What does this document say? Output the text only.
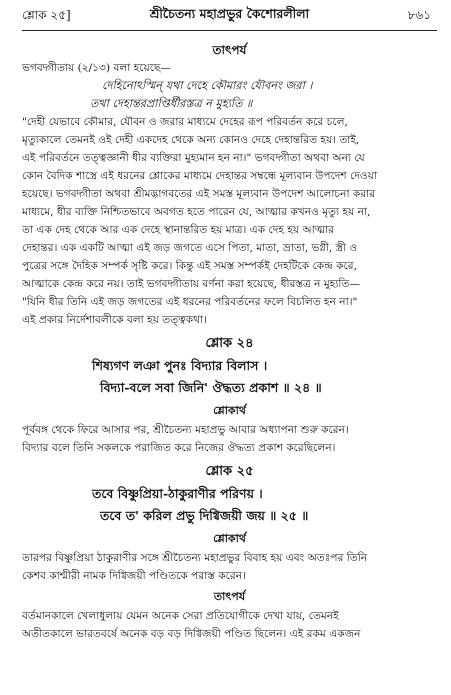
শ্লোক ২৫]	শ্রীচৈতন্য মহাপ্রভুর কৈশোরলীলা	৮৬১
তাৎপর্য

ভগবদ্গীতায় (২/১৩) বলা হয়েছে—

দেহিনোঽস্মিন্‌ যথা দেহে কৌমারং যৌবনং জরা ।

তথা দেহান্তরপ্রাপ্তির্ধীরস্তত্র ন মুহ্যতি ॥

"দেহী যেভাবে কৌমার, যৌবন ও জরার মাধ্যমে দেহের রূপ পরিবর্তন করে চলে,

মৃত্যুকালে তেমনই ওই দেহী একদেহ থেকে অন্য কোনও দেহে দেহান্তরিত হয়। তাই,

এই পরিবর্তনে তত্ত্বজ্ঞানী ধীর ব্যক্তিরা মুহ্যমান হন না।" ভগবদ্গীতা অথবা অন্য যে

কোন বৈদিক শাস্ত্রে এই ধরনের শ্লোকের মাধ্যমে দেহান্তর সম্বন্ধে মূল্যবান উপদেশ দেওয়া

হয়েছে। ভগবদ্গীতা অথবা শ্রীমদ্ভাগবতের এই সমস্ত মূল্যবান উপদেশ আলোচনা করার

মাধ্যমে, ধীর ব্যক্তি নিশ্চিতভাবে অবগত হতে পারেন যে, আত্মার কখনও মৃত্যু হয় না,

তা এক দেহ থেকে আর এক দেহে স্থানান্তরিত হয় মাত্র। এক দেহ হয় আত্মার

দেহান্তর। এক একটি আত্মা এই জড় জগতে এসে পিতা, মাতা, ভ্রাতা, ভগ্নী, স্ত্রী ও

পুত্রের সঙ্গে দৈহিক সম্পর্ক সৃষ্টি করে। কিন্তু এই সমস্ত সম্পর্কই দেহটিকে কেন্দ্র করে,

আত্মাকে কেন্দ্র করে নয়। তাই ভগবদ্গীতায় বর্ণনা করা হয়েছে, ধীরস্তত্র ন মুহ্যতি—

"যিনি ধীর তিনি এই জড় জগতের এই ধরনের পরিবর্তনের ফলে বিচলিত হন না।"

এই প্রকার নির্দেশাবলীকে বলা হয় তত্ত্বকথা।

শ্লোক ২৪

শিষ্যগণ লঞা পুনঃ বিদ্যার বিলাস ।

বিদ্যা-বলে সবা জিনি' ঔদ্ধত্য প্রকাশ ॥ ২৪ ॥

শ্লোকার্থ

পূর্ববঙ্গ থেকে ফিরে আসার পর, শ্রীচৈতন্য মহাপ্রভু আবার অধ্যাপনা শুরু করেন।

বিদ্যার বলে তিনি সকলকে পরাজিত করে নিজের ঔদ্ধত্য প্রকাশ করেছিলেন।

শ্লোক ২৫

তবে বিষ্ণুপ্রিয়া-ঠাকুরাণীর পরিণয় ।

তবে ত' করিল প্রভু দিগ্বিজয়ী জয় ॥ ২৫ ॥

শ্লোকার্থ

তারপর বিষ্ণুপ্রিয়া ঠাকুরাণীর সঙ্গে শ্রীচৈতন্য মহাপ্রভুর বিবাহ হয় এবং অতঃপর তিনি

কেশব কাশ্মীরী নামক দিগ্বিজয়ী পণ্ডিতকে পরাস্ত করেন।

তাৎপর্য

বর্তমানকালে খেলাধুলায় যেমন অনেক সেরা প্রতিযোগীকে দেখা যায়, তেমনই

অতীতকালে ভারতবর্ষে অনেক বড় বড় দিগ্বিজয়ী পণ্ডিত ছিলেন। এই রকম একজন
